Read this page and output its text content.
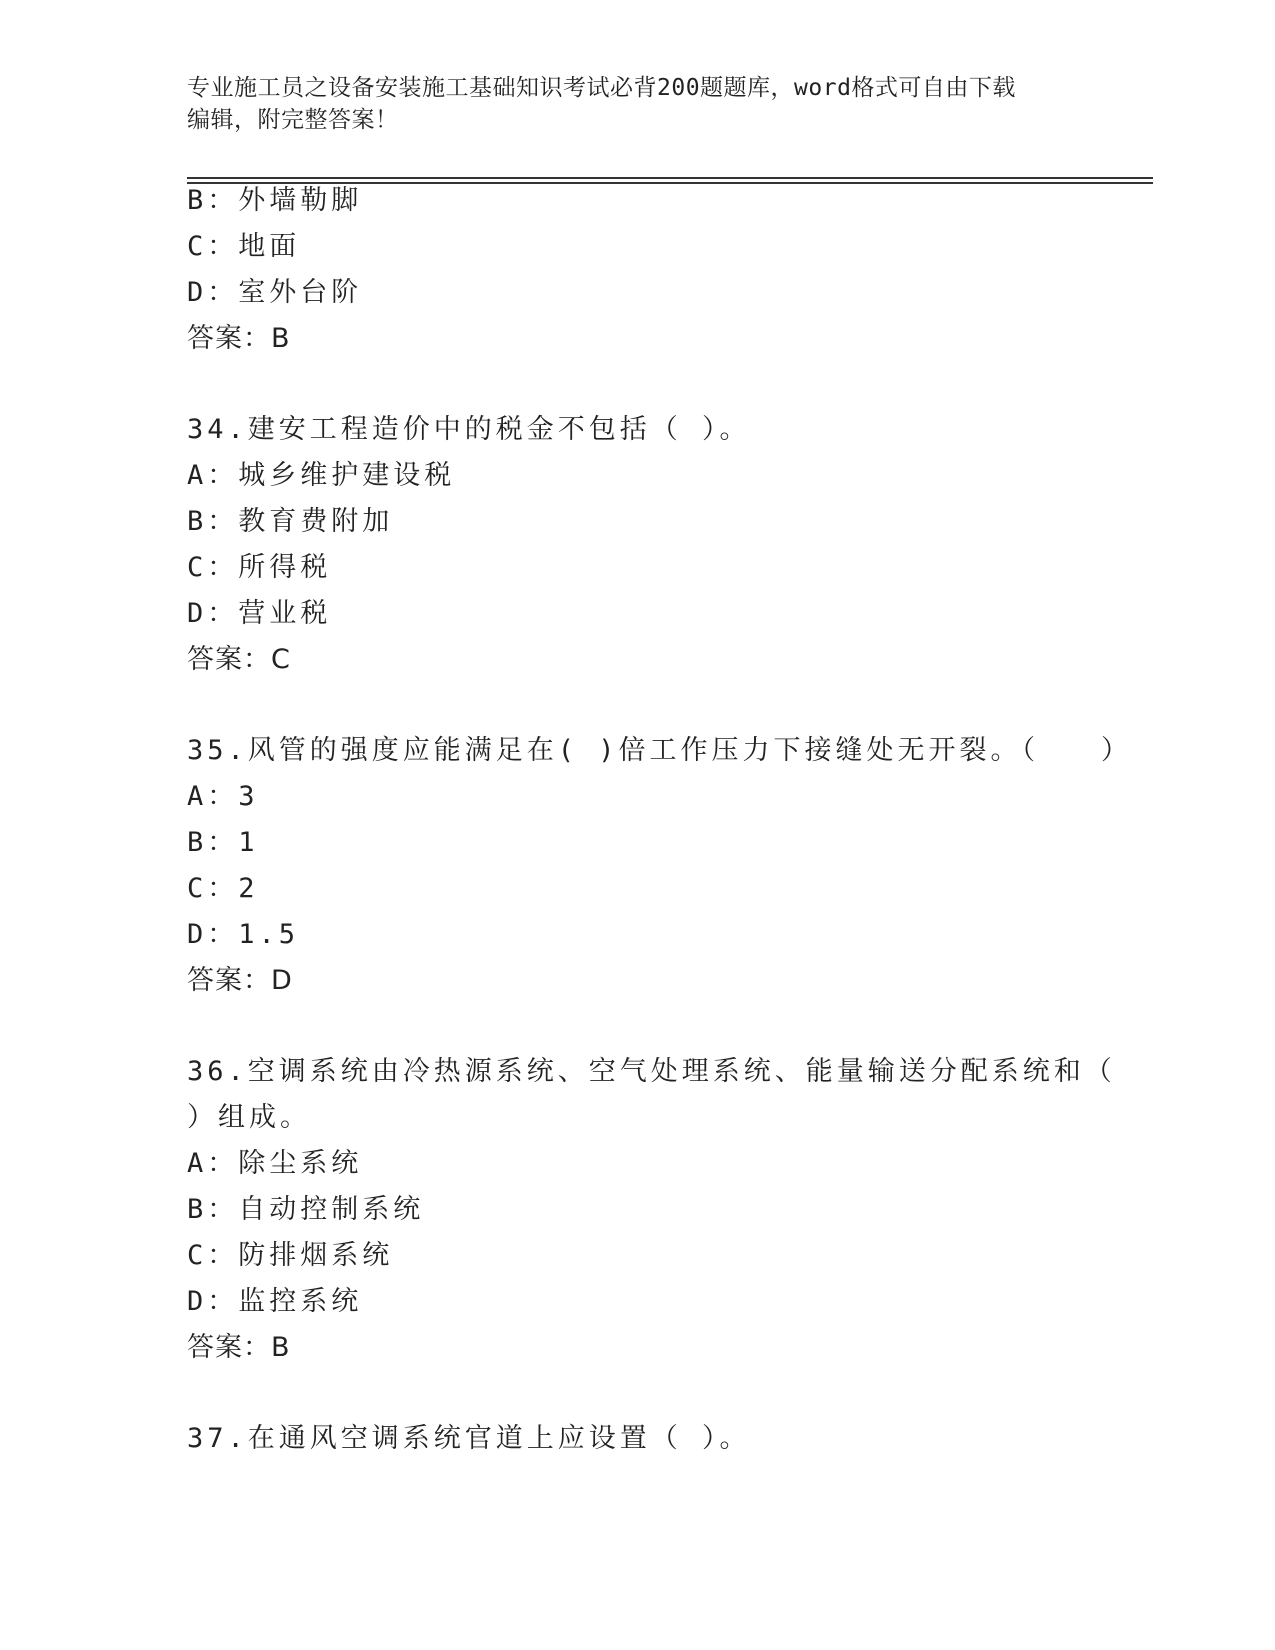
专业施工员之设备安装施工基础知识考试必背200题题库，word格式可自由下载
编辑，附完整答案！
B：外墙勒脚
C：地面
D：室外台阶
答案：B
34.建安工程造价中的税金不包括（ ）。
A：城乡维护建设税
B：教育费附加
C：所得税
D：营业税
答案：C
35.风管的强度应能满足在( )倍工作压力下接缝处无开裂。（　　）
A：3
B：1
C：2
D：1.5
答案：D
36.空调系统由冷热源系统、空气处理系统、能量输送分配系统和（
）组成。
A：除尘系统
B：自动控制系统
C：防排烟系统
D：监控系统
答案：B
37.在通风空调系统官道上应设置（ ）。
